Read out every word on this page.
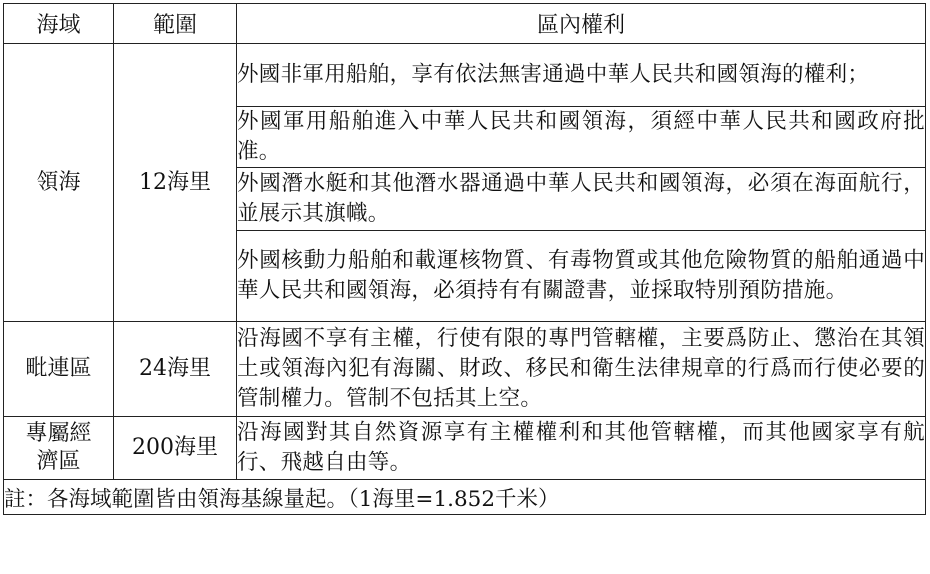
海域	範圍	區內權利
領海	12海里	外國非軍用船舶，享有依法無害通過中華人民共和國領海的權利；
		外國軍用船舶進入中華人民共和國領海，須經中華人民共和國政府批准。
		外國潛水艇和其他潛水器通過中華人民共和國領海，必須在海面航行，並展示其旗幟。
		外國核動力船舶和載運核物質、有毒物質或其他危險物質的船舶通過中華人民共和國領海，必須持有有關證書，並採取特別預防措施。
毗連區	24海里	沿海國不享有主權，行使有限的專門管轄權，主要爲防止、懲治在其領土或領海內犯有海關、財政、移民和衛生法律規章的行爲而行使必要的管制權力。管制不包括其上空。
專屬經濟區	200海里	沿海國對其自然資源享有主權權利和其他管轄權，而其他國家享有航行、飛越自由等。
註：各海域範圍皆由領海基線量起。（1海里=1.852千米）		
